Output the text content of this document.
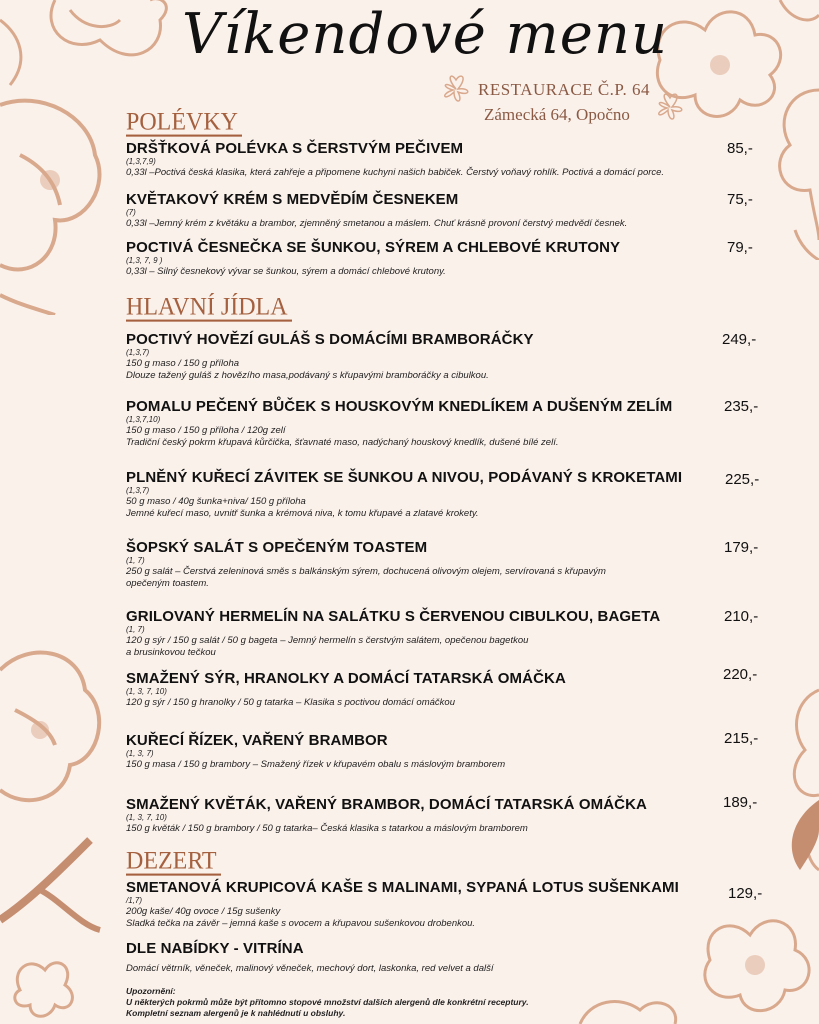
Víkendové menu
RESTAURACE Č.P. 64
Zámecká 64, Opočno
POLÉVKY
DRŠŤKOVÁ POLÉVKA S ČERSTVÝM PEČIVEM
(1,3,7,9)
0,33l –Poctivá česká klasika, která zahřeje a připomene kuchyni našich babiček. Čerstvý voňavý rohlík. Poctivá a domácí porce.
85,-
KVĚTAKOVÝ KRÉM S MEDVĚDÍM ČESNEKEM
(7)
0,33l –Jemný krém z květáku a brambor, zjemněný smetanou a máslem. Chuť krásně provoní čerstvý medvědí česnek.
75,-
POCTIVÁ ČESNEČKA SE ŠUNKOU, SÝREM A CHLEBOVÉ KRUTONY
(1,3, 7, 9 )
0,33l – Silný česnekový vývar se šunkou, sýrem a domácí chlebové krutony.
79,-
HLAVNÍ JÍDLA
POCTIVÝ HOVĚZÍ GULÁŠ S DOMÁCÍMI BRAMBORÁČKY
(1,3,7)
150 g maso / 150 g příloha
Dlouze tažený guláš z hovězího masa,podávaný s křupavými bramboráčky a cibulkou.
249,-
POMALU PEČENÝ BŮČEK S HOUSKOVÝM KNEDLÍKEM A DUŠENÝM ZELÍM
(1,3,7,10)
150 g maso / 150 g příloha / 120g zelí
Tradiční český pokrm křupavá kůrčička, šťavnaté maso, nadýchaný houskový knedlík, dušené bílé zelí.
235,-
PLNĚNÝ KUŘECÍ ZÁVITEK SE ŠUNKOU A NIVOU, PODÁVANÝ S KROKETAMI
(1,3,7)
50 g maso / 40g šunka+niva/ 150 g příloha
Jemné kuřecí maso, uvnitř šunka a krémová niva, k tomu křupavé a zlatavé krokety.
225,-
ŠOPSKÝ SALÁT S OPEČENÝM TOASTEM
(1, 7)
250 g salát – Čerstvá zeleninová směs s balkánským sýrem, dochucená olivovým olejem, servírovaná s křupavým
opečeným toastem.
179,-
GRILOVANÝ HERMELÍN NA SALÁTKU S ČERVENOU CIBULKOU, BAGETA
(1, 7)
120 g sýr / 150 g salát / 50 g bageta – Jemný hermelín s čerstvým salátem, opečenou bagetkou
a brusinkovou tečkou
210,-
SMAŽENÝ SÝR, HRANOLKY A DOMÁCÍ TATARSKÁ OMÁČKA
(1, 3, 7, 10)
120 g sýr / 150 g hranolky / 50 g tatarka – Klasika s poctivou domácí omáčkou
220,-
KUŘECÍ ŘÍZEK, VAŘENÝ BRAMBOR
(1, 3, 7)
150 g masa / 150 g brambory – Smažený řízek v křupavém obalu s máslovým bramborem
215,-
SMAŽENÝ KVĚTÁK, VAŘENÝ BRAMBOR, DOMÁCÍ TATARSKÁ OMÁČKA
(1, 3, 7, 10)
150 g květák / 150 g brambory / 50 g tatarka– Česká klasika s tatarkou a máslovým bramborem
189,-
DEZERT
SMETANOVÁ KRUPICOVÁ KAŠE S MALINAMI, SYPANÁ LOTUS SUŠENKAMI
/1,7)
200g kaše/ 40g ovoce / 15g sušenky
Sladká tečka na závěr – jemná kaše s ovocem a křupavou sušenkovou drobenkou.
129,-
DLE NABÍDKY - VITRÍNA
Domácí větrník, věneček, malinový věneček, mechový dort, laskonka, red velvet a další
Upozornění:
U některých pokrmů může být přítomno stopové množství dalších alergenů dle konkrétní receptury.
Kompletní seznam alergenů je k nahlédnutí u obsluhy.
